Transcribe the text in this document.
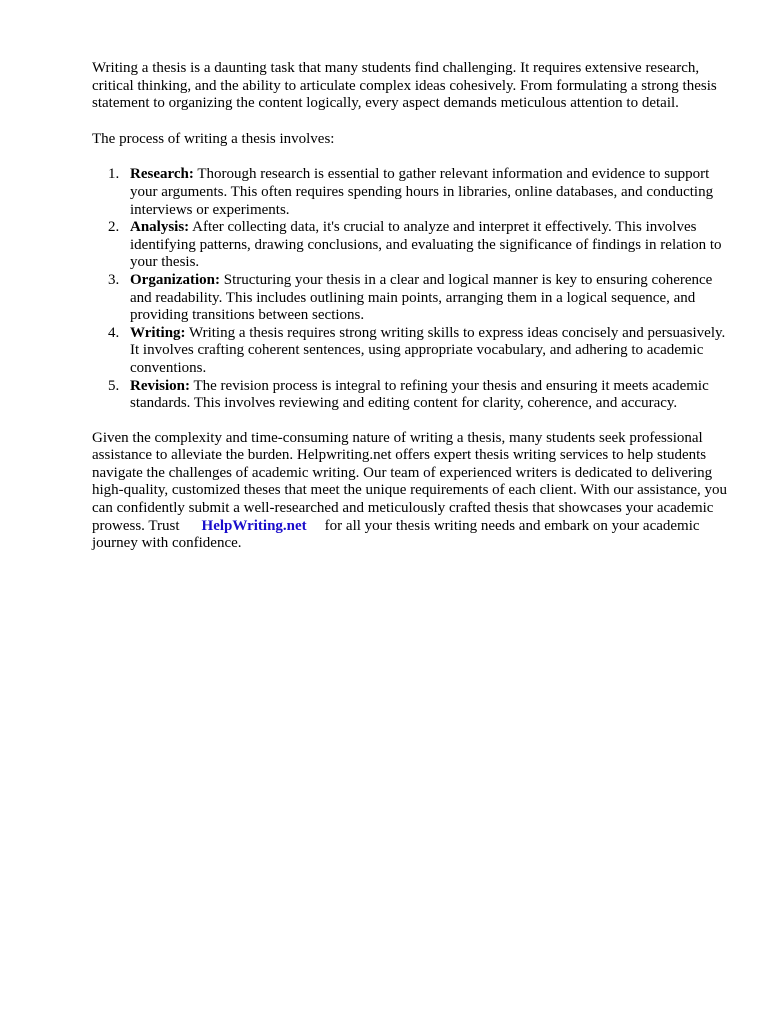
Writing a thesis is a daunting task that many students find challenging. It requires extensive research, critical thinking, and the ability to articulate complex ideas cohesively. From formulating a strong thesis statement to organizing the content logically, every aspect demands meticulous attention to detail.

The process of writing a thesis involves:

1. Research: Thorough research is essential to gather relevant information and evidence to support your arguments. This often requires spending hours in libraries, online databases, and conducting interviews or experiments.
2. Analysis: After collecting data, it's crucial to analyze and interpret it effectively. This involves identifying patterns, drawing conclusions, and evaluating the significance of findings in relation to your thesis.
3. Organization: Structuring your thesis in a clear and logical manner is key to ensuring coherence and readability. This includes outlining main points, arranging them in a logical sequence, and providing transitions between sections.
4. Writing: Writing a thesis requires strong writing skills to express ideas concisely and persuasively. It involves crafting coherent sentences, using appropriate vocabulary, and adhering to academic conventions.
5. Revision: The revision process is integral to refining your thesis and ensuring it meets academic standards. This involves reviewing and editing content for clarity, coherence, and accuracy.

Given the complexity and time-consuming nature of writing a thesis, many students seek professional assistance to alleviate the burden. Helpwriting.net offers expert thesis writing services to help students navigate the challenges of academic writing. Our team of experienced writers is dedicated to delivering high-quality, customized theses that meet the unique requirements of each client. With our assistance, you can confidently submit a well-researched and meticulously crafted thesis that showcases your academic prowess. Trust HelpWriting.net for all your thesis writing needs and embark on your academic journey with confidence.
